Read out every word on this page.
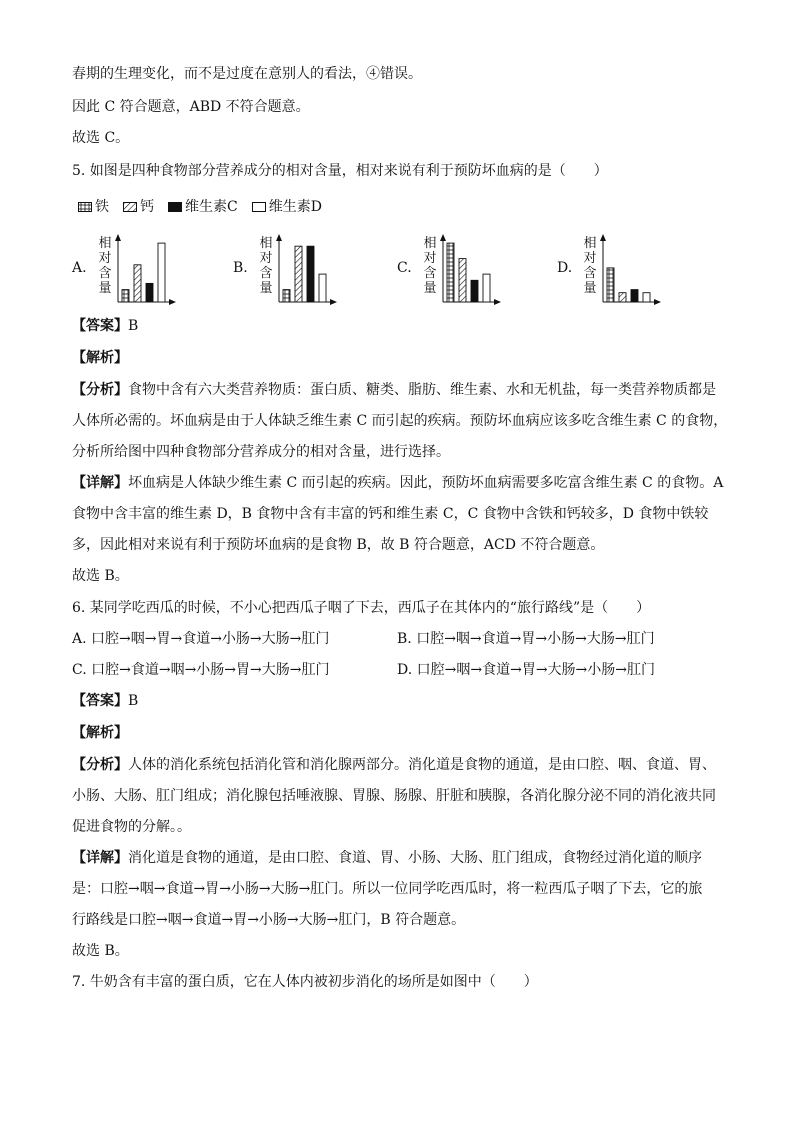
春期的生理变化，而不是过度在意别人的看法，④错误。
因此 C 符合题意，ABD 不符合题意。
故选 C。
5. 如图是四种食物部分营养成分的相对含量，相对来说有利于预防坏血病的是（　　）
铁 钙 维生素C 维生素D
A.
相
对
含
量
B.
相
对
含
量
C.
相
对
含
量
D.
相
对
含
量
【答案】B
【解析】
【分析】食物中含有六大类营养物质：蛋白质、糖类、脂肪、维生素、水和无机盐，每一类营养物质都是
人体所必需的。坏血病是由于人体缺乏维生素 C 而引起的疾病。预防坏血病应该多吃含维生素 C 的食物，
分析所给图中四种食物部分营养成分的相对含量，进行选择。
【详解】坏血病是人体缺少维生素 C 而引起的疾病。因此，预防坏血病需要多吃富含维生素 C 的食物。A
食物中含丰富的维生素 D，B 食物中含有丰富的钙和维生素 C，C 食物中含铁和钙较多，D 食物中铁较
多，因此相对来说有利于预防坏血病的是食物 B，故 B 符合题意，ACD 不符合题意。
故选 B。
6. 某同学吃西瓜的时候，不小心把西瓜子咽了下去，西瓜子在其体内的“旅行路线”是（　　）
A. 口腔→咽→胃→食道→小肠→大肠→肛门	B. 口腔→咽→食道→胃→小肠→大肠→肛门
C. 口腔→食道→咽→小肠→胃→大肠→肛门	D. 口腔→咽→食道→胃→大肠→小肠→肛门
【答案】B
【解析】
【分析】人体的消化系统包括消化管和消化腺两部分。消化道是食物的通道，是由口腔、咽、食道、胃、
小肠、大肠、肛门组成；消化腺包括唾液腺、胃腺、肠腺、肝脏和胰腺，各消化腺分泌不同的消化液共同
促进食物的分解。。
【详解】消化道是食物的通道，是由口腔、食道、胃、小肠、大肠、肛门组成，食物经过消化道的顺序
是：口腔→咽→食道→胃→小肠→大肠→肛门。所以一位同学吃西瓜时，将一粒西瓜子咽了下去，它的旅
行路线是口腔→咽→食道→胃→小肠→大肠→肛门，B 符合题意。
故选 B。
7. 牛奶含有丰富的蛋白质，它在人体内被初步消化的场所是如图中（　　）
